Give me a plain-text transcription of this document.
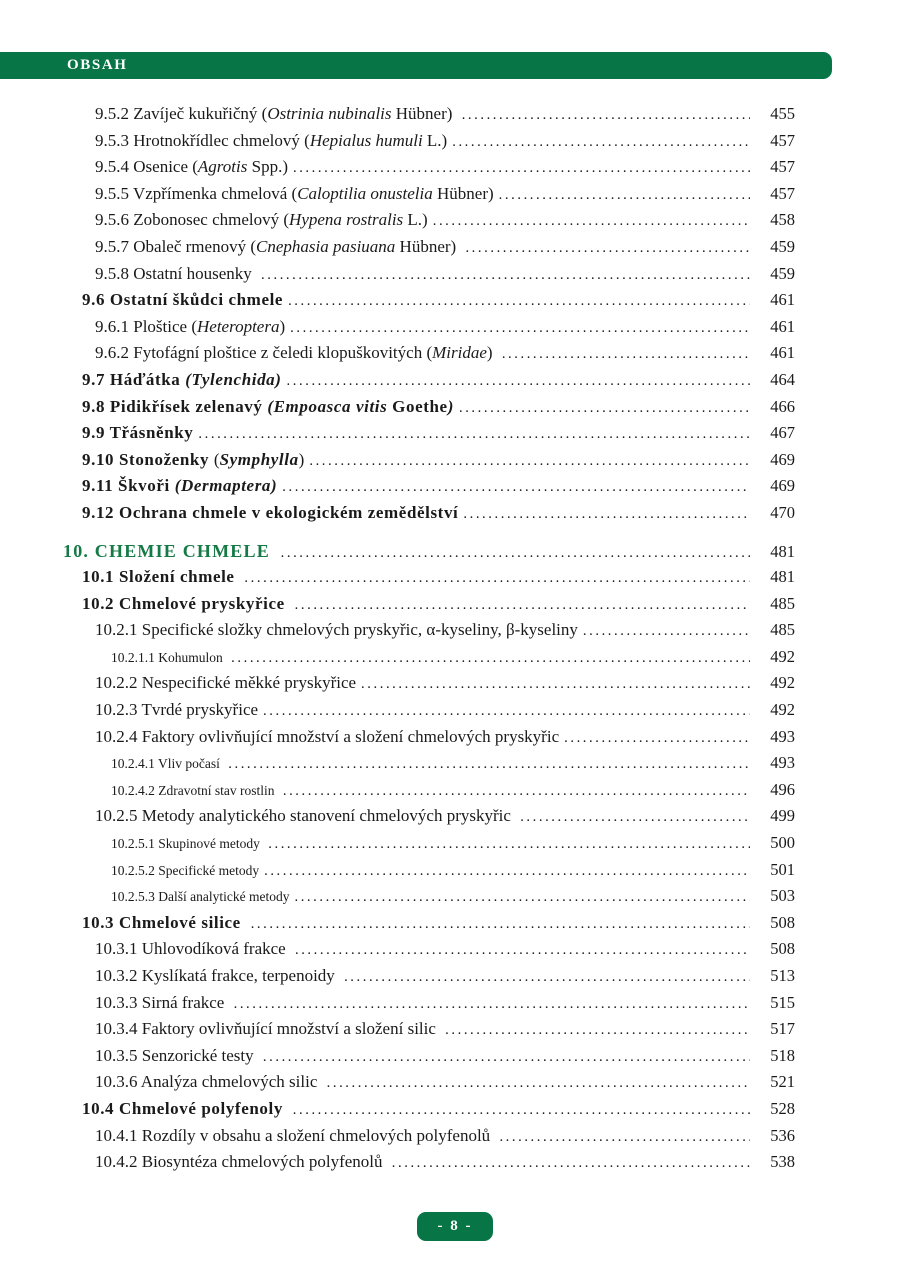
OBSAH
9.5.2 Zavíječ kukuřičný (Ostrinia nubinalis Hübner) .....	455
9.5.3 Hrotnokřídlec chmelový (Hepialus humuli L.) .....	457
9.5.4 Osenice (Agrotis Spp.) .....	457
9.5.5 Vzpřímenka chmelová (Caloptilia onustelia Hübner) .....	457
9.5.6 Zobonosec chmelový (Hypena rostralis L.) .....	458
9.5.7 Obaleč rmenový (Cnephasia pasiuana Hübner) .....	459
9.5.8 Ostatní housenky .....	459
9.6 Ostatní škůdci chmele .....	461
9.6.1 Ploštice (Heteroptera) .....	461
9.6.2 Fytofágní ploštice z čeledi klopuškovitých (Miridae) .....	461
9.7 Háďátka (Tylenchida) .....	464
9.8 Pidikřísek zelenavý (Empoasca vitis Goethe) .....	466
9.9 Třásněnky .....	467
9.10 Stonoženky (Symphylla) .....	469
9.11 Škvoři (Dermaptera) .....	469
9.12 Ochrana chmele v ekologickém zemědělství .....	470
10. CHEMIE CHMELE .....	481
10.1 Složení chmele .....	481
10.2 Chmelové pryskyřice .....	485
10.2.1 Specifické složky chmelových pryskyřic, α-kyseliny, β-kyseliny .....	485
10.2.1.1 Kohumulon .....	492
10.2.2 Nespecifické měkké pryskyřice .....	492
10.2.3 Tvrdé pryskyřice .....	492
10.2.4 Faktory ovlivňující množství a složení chmelových pryskyřic .....	493
10.2.4.1 Vliv počasí .....	493
10.2.4.2 Zdravotní stav rostlin .....	496
10.2.5 Metody analytického stanovení chmelových pryskyřic .....	499
10.2.5.1 Skupinové metody .....	500
10.2.5.2 Specifické metody .....	501
10.2.5.3 Další analytické metody .....	503
10.3 Chmelové silice .....	508
10.3.1 Uhlovodíková frakce .....	508
10.3.2 Kyslíkatá frakce, terpenoidy .....	513
10.3.3 Sirná frakce .....	515
10.3.4 Faktory ovlivňující množství a složení silic .....	517
10.3.5 Senzorické testy .....	518
10.3.6 Analýza chmelových silic .....	521
10.4 Chmelové polyfenoly .....	528
10.4.1 Rozdíly v obsahu a složení chmelových polyfenolů .....	536
10.4.2 Biosyntéza chmelových polyfenolů .....	538
- 8 -
